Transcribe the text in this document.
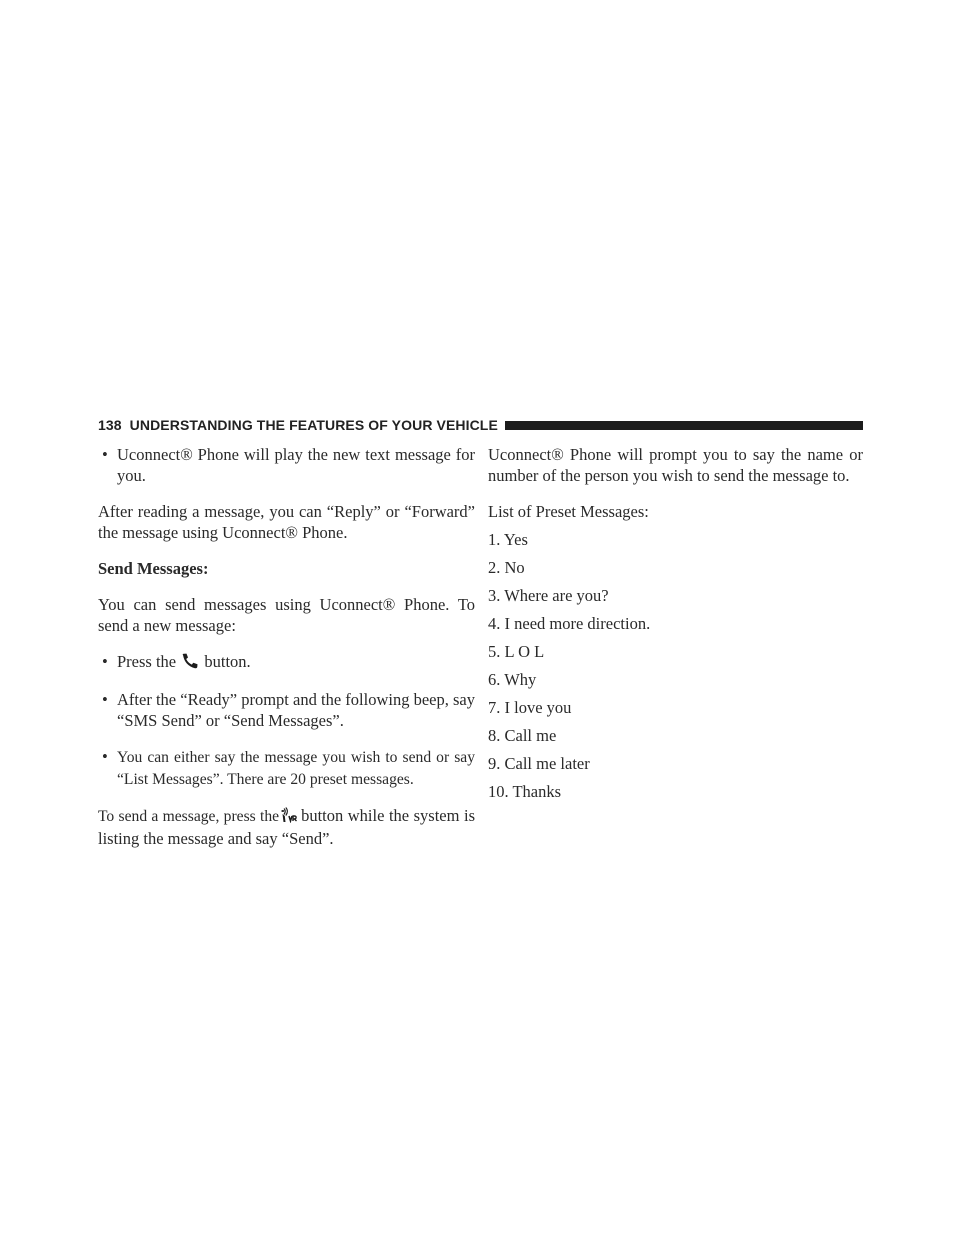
138 UNDERSTANDING THE FEATURES OF YOUR VEHICLE
• Uconnect® Phone will play the new text message for you.

After reading a message, you can “Reply” or “Forward” the message using Uconnect® Phone.

Send Messages:

You can send messages using Uconnect® Phone. To send a new message:

• Press the button.
• After the “Ready” prompt and the following beep, say “SMS Send” or “Send Messages”.
• You can either say the message you wish to send or say “List Messages”. There are 20 preset messages.

To send a message, press the button while the system is listing the message and say “Send”.

Uconnect® Phone will prompt you to say the name or number of the person you wish to send the message to.

List of Preset Messages:

1. Yes

2. No

3. Where are you?

4. I need more direction.

5. L O L

6. Why

7. I love you

8. Call me

9. Call me later

10. Thanks
